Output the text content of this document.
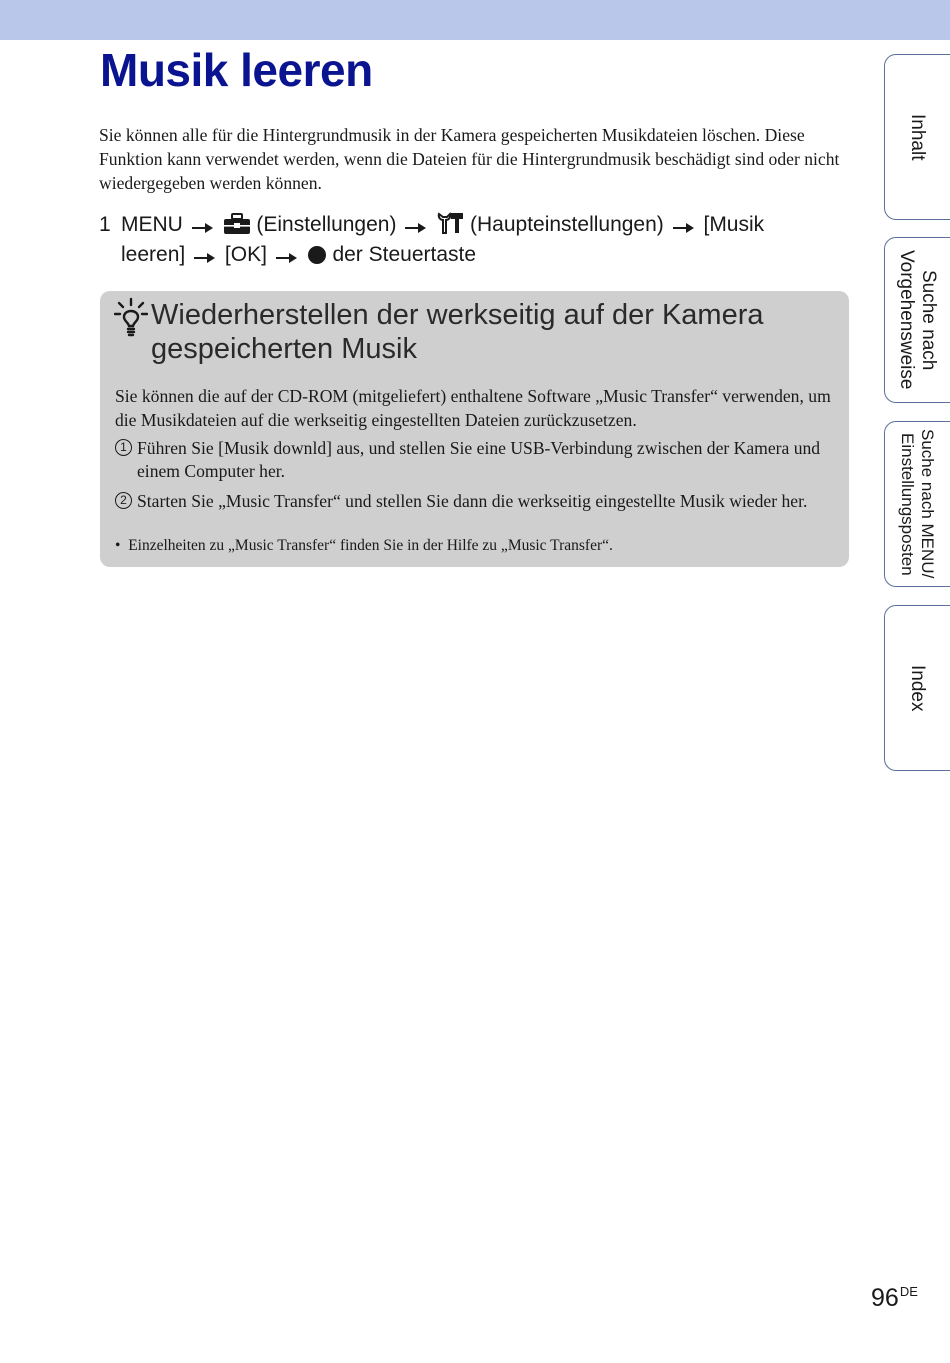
Musik leeren
Sie können alle für die Hintergrundmusik in der Kamera gespeicherten Musikdateien löschen. Diese Funktion kann verwendet werden, wenn die Dateien für die Hintergrundmusik beschädigt sind oder nicht wiedergegeben werden können.
1 MENU	(Einstellungen)	(Haupteinstellungen) [Musik
leeren] [OK]	der Steuertaste
Wiederherstellen der werkseitig auf der Kamera gespeicherten Musik
Sie können die auf der CD-ROM (mitgeliefert) enthaltene Software „Music Transfer“ verwenden, um die Musikdateien auf die werkseitig eingestellten Dateien zurückzusetzen.
1 Führen Sie [Musik downld] aus, und stellen Sie eine USB-Verbindung zwischen der Kamera und einem Computer her.
2 Starten Sie „Music Transfer“ und stellen Sie dann die werkseitig eingestellte Musik wieder her.
• Einzelheiten zu „Music Transfer“ finden Sie in der Hilfe zu „Music Transfer“.
Inhalt
Suche nach Vorgehensweise
Suche nach MENU/ Einstellungsposten
Index
96DE
